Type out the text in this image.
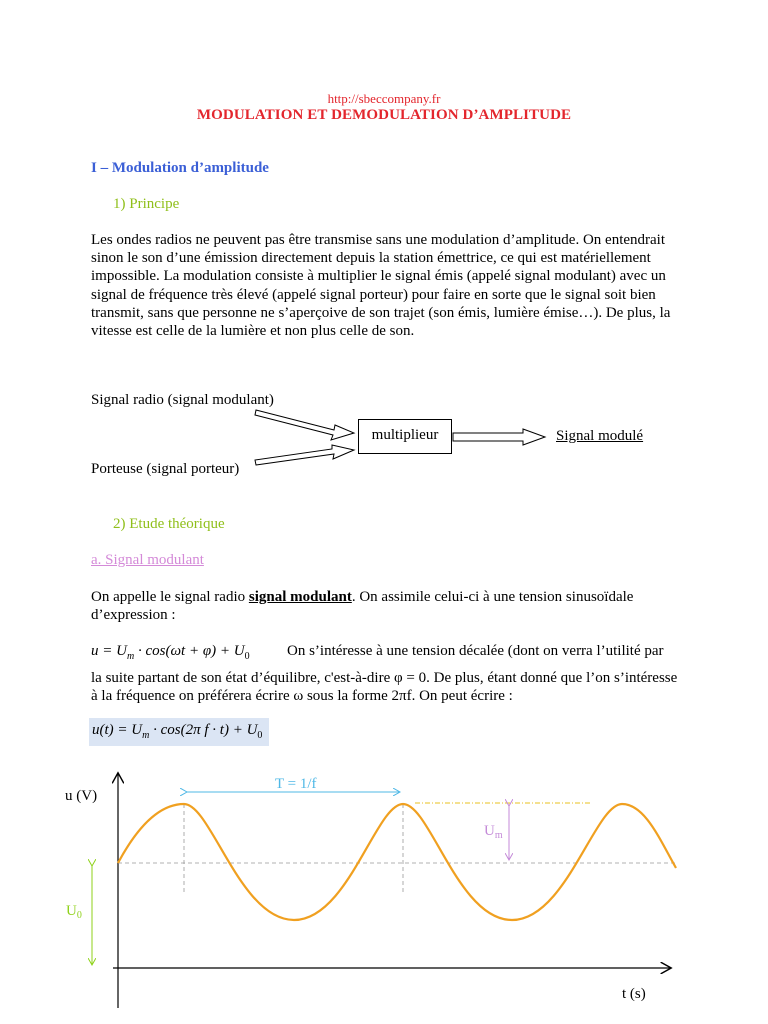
http://sbeccompany.fr
MODULATION ET DEMODULATION D’AMPLITUDE
I – Modulation d’amplitude
1) Principe
Les ondes radios ne peuvent pas être transmise sans une modulation d’amplitude. On entendrait sinon le son d’une émission directement depuis la station émettrice, ce qui est matériellement impossible. La modulation consiste à multiplier le signal émis (appelé signal modulant) avec un signal de fréquence très élevé (appelé signal porteur) pour faire en sorte que le signal soit bien transmit, sans que personne ne s’aperçoive de son trajet (son émis, lumière émise…). De plus, la vitesse est celle de la lumière et non plus celle de son.
Signal radio (signal modulant)
Porteuse (signal porteur)
multiplieur	Signal modulé
2) Etude théorique
a. Signal modulant
On appelle le signal radio signal modulant. On assimile celui-ci à une tension sinusoïdale d’expression :
$u = U_m \cdot \cos(\omega t + \varphi) + U_0$ On s’intéresse à une tension décalée (dont on verra l’utilité par
la suite partant de son état d’équilibre, c'est-à-dire φ = 0. De plus, étant donné que l’on s’intéresse à la fréquence on préférera écrire ω sous la forme 2πf. On peut écrire :
$u(t) = U_m \cdot \cos(2\pi$ $f \cdot t) + U_0$
u (V)
t (s)
T = 1/f
$U_m$
$U_0$
